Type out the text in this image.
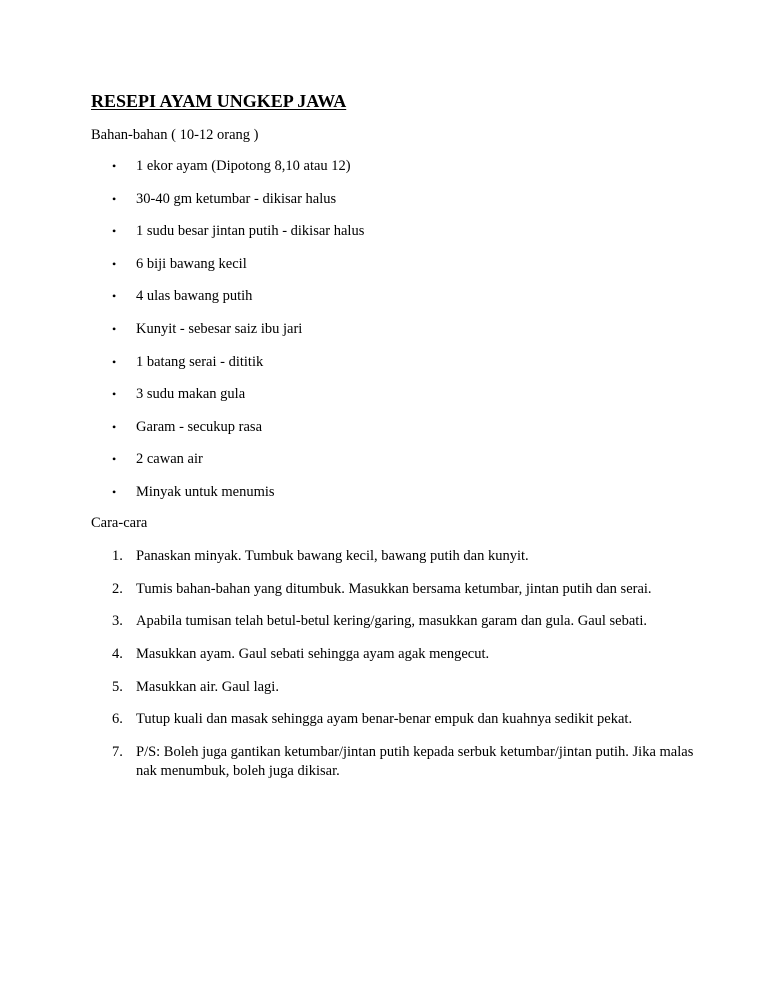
RESEPI AYAM UNGKEP JAWA
Bahan-bahan ( 10-12 orang )
• 1 ekor ayam (Dipotong 8,10 atau 12)
• 30-40 gm ketumbar - dikisar halus
• 1 sudu besar jintan putih - dikisar halus
• 6 biji bawang kecil
• 4 ulas bawang putih
• Kunyit - sebesar saiz ibu jari
• 1 batang serai - dititik
• 3 sudu makan gula
• Garam - secukup rasa
• 2 cawan air
• Minyak untuk menumis
Cara-cara
1. Panaskan minyak. Tumbuk bawang kecil, bawang putih dan kunyit.
2. Tumis bahan-bahan yang ditumbuk. Masukkan bersama ketumbar, jintan putih dan serai.
3. Apabila tumisan telah betul-betul kering/garing, masukkan garam dan gula. Gaul sebati.
4. Masukkan ayam. Gaul sebati sehingga ayam agak mengecut.
5. Masukkan air. Gaul lagi.
6. Tutup kuali dan masak sehingga ayam benar-benar empuk dan kuahnya sedikit pekat.
7. P/S: Boleh juga gantikan ketumbar/jintan putih kepada serbuk ketumbar/jintan putih. Jika malas nak menumbuk, boleh juga dikisar.
